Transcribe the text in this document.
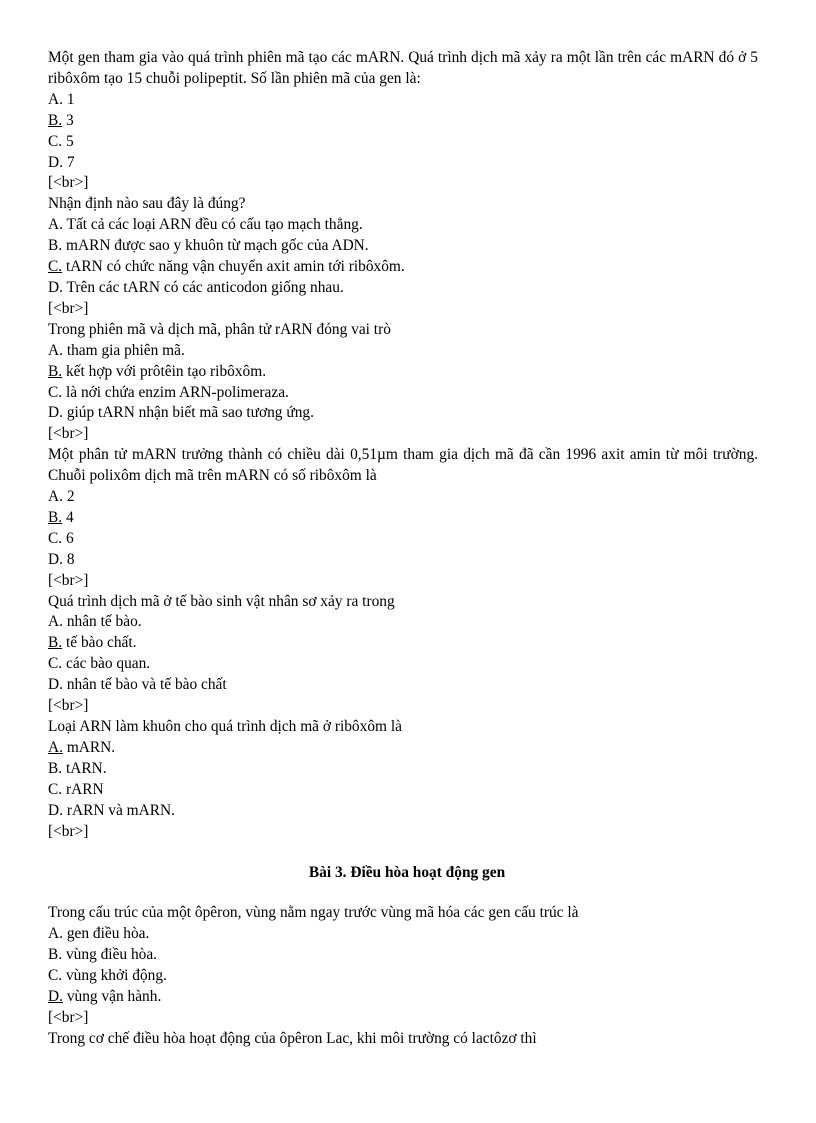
Một gen tham gia vào quá trình phiên mã tạo các mARN. Quá trình dịch mã xảy ra một lần trên các mARN đó ở 5 ribôxôm tạo 15 chuỗi polipeptit. Số lần phiên mã của gen là:

A. 1

B. 3

C. 5

D. 7

[<br>]

Nhận định nào sau đây là đúng?

A. Tất cả các loại ARN đều có cấu tạo mạch thẳng.

B. mARN được sao y khuôn từ mạch gốc của ADN.

C. tARN có chức năng vận chuyển axit amin tới ribôxôm.

D. Trên các tARN có các anticodon giống nhau.

[<br>]

Trong phiên mã và dịch mã, phân tử rARN đóng vai trò

A. tham gia phiên mã.

B. kết hợp với prôtêin tạo ribôxôm.

C. là nới chứa enzim ARN-polimeraza.

D. giúp tARN nhận biết mã sao tương ứng.

[<br>]

Một phân tử mARN trưởng thành có chiều dài 0,51µm tham gia dịch mã đã cần 1996 axit amin từ môi trường. Chuỗi polixôm dịch mã trên mARN có số ribôxôm là

A. 2

B. 4

C. 6

D. 8

[<br>]

Quá trình dịch mã ở tế bào sinh vật nhân sơ xảy ra trong

A. nhân tế bào.

B. tế bào chất.

C. các bào quan.

D. nhân tế bào và tế bào chất

[<br>]

Loại ARN làm khuôn cho quá trình dịch mã ở ribôxôm là

A. mARN.

B. tARN.

C. rARN

D. rARN và mARN.

[<br>]

Bài 3. Điều hòa hoạt động gen

Trong cấu trúc của một ôpêron, vùng nằm ngay trước vùng mã hóa các gen cấu trúc là

A. gen điều hòa.

B. vùng điều hòa.

C. vùng khởi động.

D. vùng vận hành.

[<br>]

Trong cơ chế điều hòa hoạt động của ôpêron Lac, khi môi trường có lactôzơ thì
